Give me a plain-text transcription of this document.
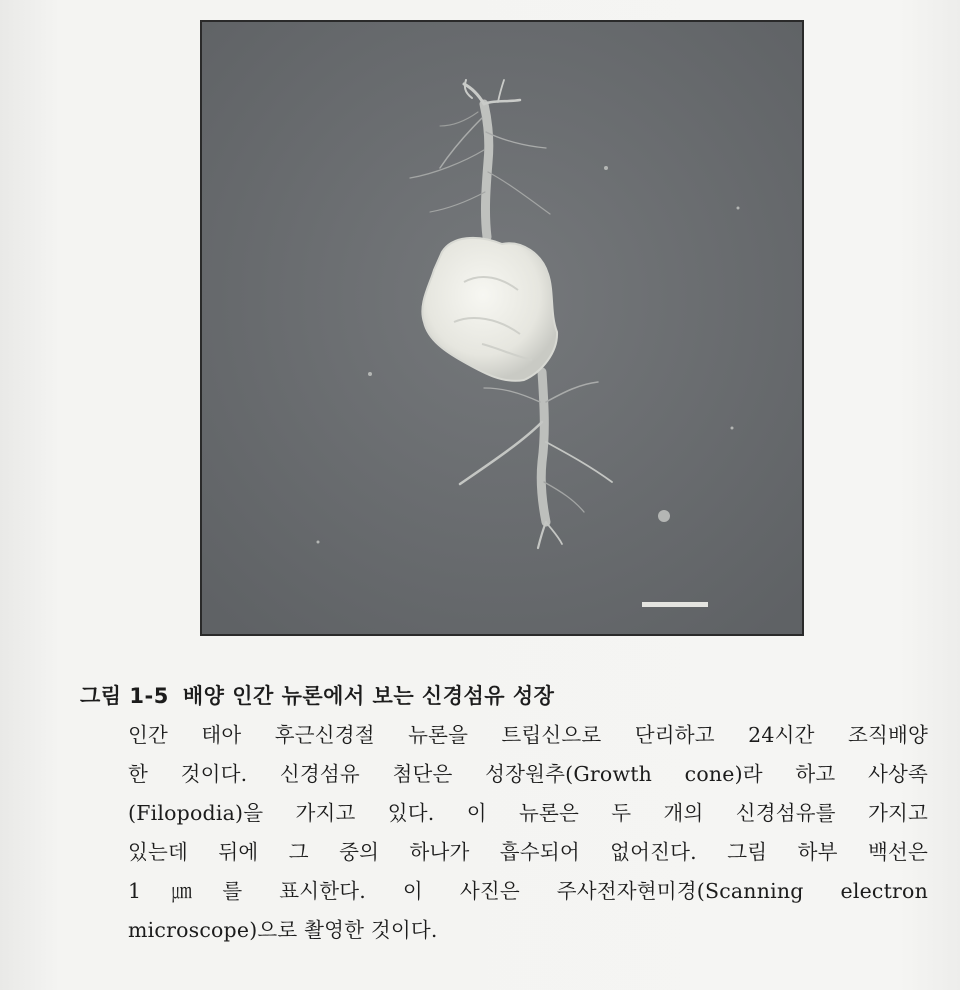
그림 1-5 배양 인간 뉴론에서 보는 신경섬유 성장
인간 태아 후근신경절 뉴론을 트립신으로 단리하고 24시간 조직배양
한 것이다. 신경섬유 첨단은 성장원추(Growth cone)라 하고 사상족
(Filopodia)을 가지고 있다. 이 뉴론은 두 개의 신경섬유를 가지고
있는데 뒤에 그 중의 하나가 흡수되어 없어진다. 그림 하부 백선은
1㎛를 표시한다. 이 사진은 주사전자현미경(Scanning electron
microscope)으로 촬영한 것이다.
